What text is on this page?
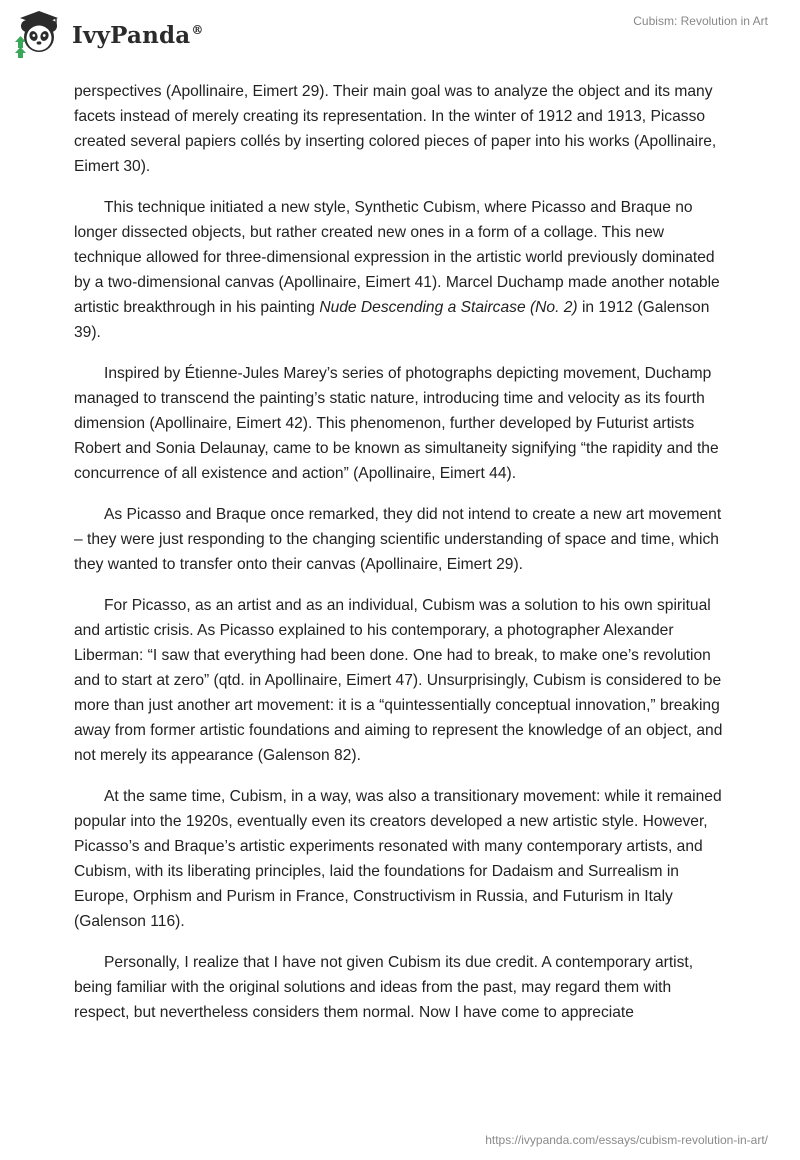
IvyPanda®
Cubism: Revolution in Art

perspectives (Apollinaire, Eimert 29). Their main goal was to analyze the object and its many facets instead of merely creating its representation. In the winter of 1912 and 1913, Picasso created several papiers collés by inserting colored pieces of paper into his works (Apollinaire, Eimert 30).

This technique initiated a new style, Synthetic Cubism, where Picasso and Braque no longer dissected objects, but rather created new ones in a form of a collage. This new technique allowed for three-dimensional expression in the artistic world previously dominated by a two-dimensional canvas (Apollinaire, Eimert 41). Marcel Duchamp made another notable artistic breakthrough in his painting Nude Descending a Staircase (No. 2) in 1912 (Galenson 39).

Inspired by Étienne-Jules Marey’s series of photographs depicting movement, Duchamp managed to transcend the painting’s static nature, introducing time and velocity as its fourth dimension (Apollinaire, Eimert 42). This phenomenon, further developed by Futurist artists Robert and Sonia Delaunay, came to be known as simultaneity signifying “the rapidity and the concurrence of all existence and action” (Apollinaire, Eimert 44).

As Picasso and Braque once remarked, they did not intend to create a new art movement – they were just responding to the changing scientific understanding of space and time, which they wanted to transfer onto their canvas (Apollinaire, Eimert 29).

For Picasso, as an artist and as an individual, Cubism was a solution to his own spiritual and artistic crisis. As Picasso explained to his contemporary, a photographer Alexander Liberman: “I saw that everything had been done. One had to break, to make one’s revolution and to start at zero” (qtd. in Apollinaire, Eimert 47). Unsurprisingly, Cubism is considered to be more than just another art movement: it is a “quintessentially conceptual innovation,” breaking away from former artistic foundations and aiming to represent the knowledge of an object, and not merely its appearance (Galenson 82).

At the same time, Cubism, in a way, was also a transitionary movement: while it remained popular into the 1920s, eventually even its creators developed a new artistic style. However, Picasso’s and Braque’s artistic experiments resonated with many contemporary artists, and Cubism, with its liberating principles, laid the foundations for Dadaism and Surrealism in Europe, Orphism and Purism in France, Constructivism in Russia, and Futurism in Italy (Galenson 116).

Personally, I realize that I have not given Cubism its due credit. A contemporary artist, being familiar with the original solutions and ideas from the past, may regard them with respect, but nevertheless considers them normal. Now I have come to appreciate

https://ivypanda.com/essays/cubism-revolution-in-art/
